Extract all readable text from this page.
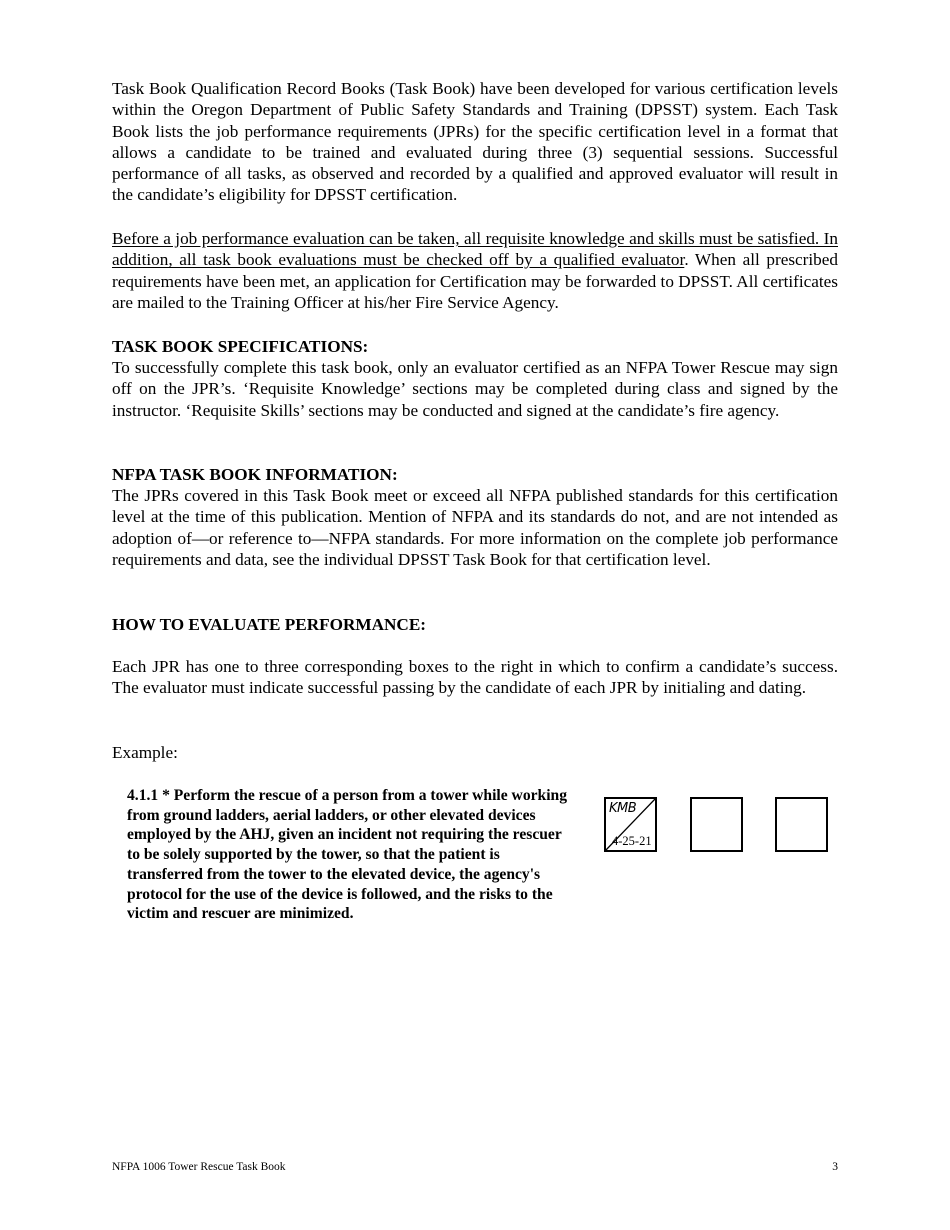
Task Book Qualification Record Books (Task Book) have been developed for various certification levels within the Oregon Department of Public Safety Standards and Training (DPSST) system. Each Task Book lists the job performance requirements (JPRs) for the specific certification level in a format that allows a candidate to be trained and evaluated during three (3) sequential sessions. Successful performance of all tasks, as observed and recorded by a qualified and approved evaluator will result in the candidate’s eligibility for DPSST certification.

Before a job performance evaluation can be taken, all requisite knowledge and skills must be satisfied. In addition, all task book evaluations must be checked off by a qualified evaluator. When all prescribed requirements have been met, an application for Certification may be forwarded to DPSST. All certificates are mailed to the Training Officer at his/her Fire Service Agency.

TASK BOOK SPECIFICATIONS:

To successfully complete this task book, only an evaluator certified as an NFPA Tower Rescue may sign off on the JPR’s. ‘Requisite Knowledge’ sections may be completed during class and signed by the instructor. ‘Requisite Skills’ sections may be conducted and signed at the candidate’s fire agency.

NFPA TASK BOOK INFORMATION:

The JPRs covered in this Task Book meet or exceed all NFPA published standards for this certification level at the time of this publication. Mention of NFPA and its standards do not, and are not intended as adoption of—or reference to—NFPA standards. For more information on the complete job performance requirements and data, see the individual DPSST Task Book for that certification level.

HOW TO EVALUATE PERFORMANCE:

Each JPR has one to three corresponding boxes to the right in which to confirm a candidate’s success. The evaluator must indicate successful passing by the candidate of each JPR by initialing and dating.

Example:

4.1.1 * Perform the rescue of a person from a tower while working from ground ladders, aerial ladders, or other elevated devices employed by the AHJ, given an incident not requiring the rescuer to be solely supported by the tower, so that the patient is transferred from the tower to the elevated device, the agency's protocol for the use of the device is followed, and the risks to the victim and rescuer are minimized.

KMB
4-25-21
NFPA 1006 Tower Rescue Task Book	3
